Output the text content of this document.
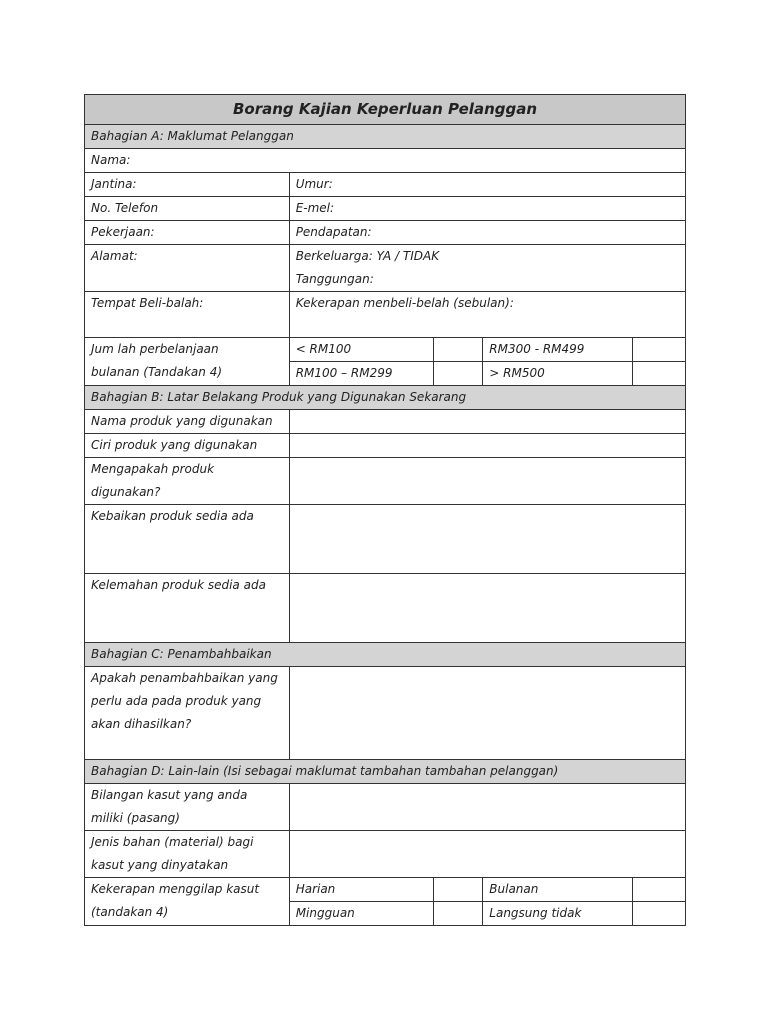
Borang Kajian Keperluan Pelanggan				
Bahagian A: Maklumat Pelanggan				
Nama:				
Jantina:	Umur:			
No. Telefon	E-mel:			
Pekerjaan:	Pendapatan:			
Alamat:	Berkeluarga: YA / TIDAK
Tanggungan:			

Tempat Beli-balah:	Kekerapan menbeli-belah (sebulan):			

Jum lah perbelanjaan
bulanan (Tandakan 4)	< RM100		RM300 - RM499	
	RM100 – RM299		> RM500	
Bahagian B: Latar Belakang Produk yang Digunakan Sekarang				
Nama produk yang digunakan				
Ciri produk yang digunakan				

Mengapakah produk
digunakan?				

Kebaikan produk sedia ada				
Kelemahan produk sedia ada				
Bahagian C: Penambahbaikan				

Apakah penambahbaikan yang
perlu ada pada produk yang
akan dihasilkan?				

Bahagian D: Lain-lain (Isi sebagai maklumat tambahan tambahan pelanggan)				

Bilangan kasut yang anda
miliki (pasang)				

Jenis bahan (material) bagi
kasut yang dinyatakan				

Kekerapan menggilap kasut
(tandakan 4)	Harian		Bulanan	
	Mingguan		Langsung tidak	
